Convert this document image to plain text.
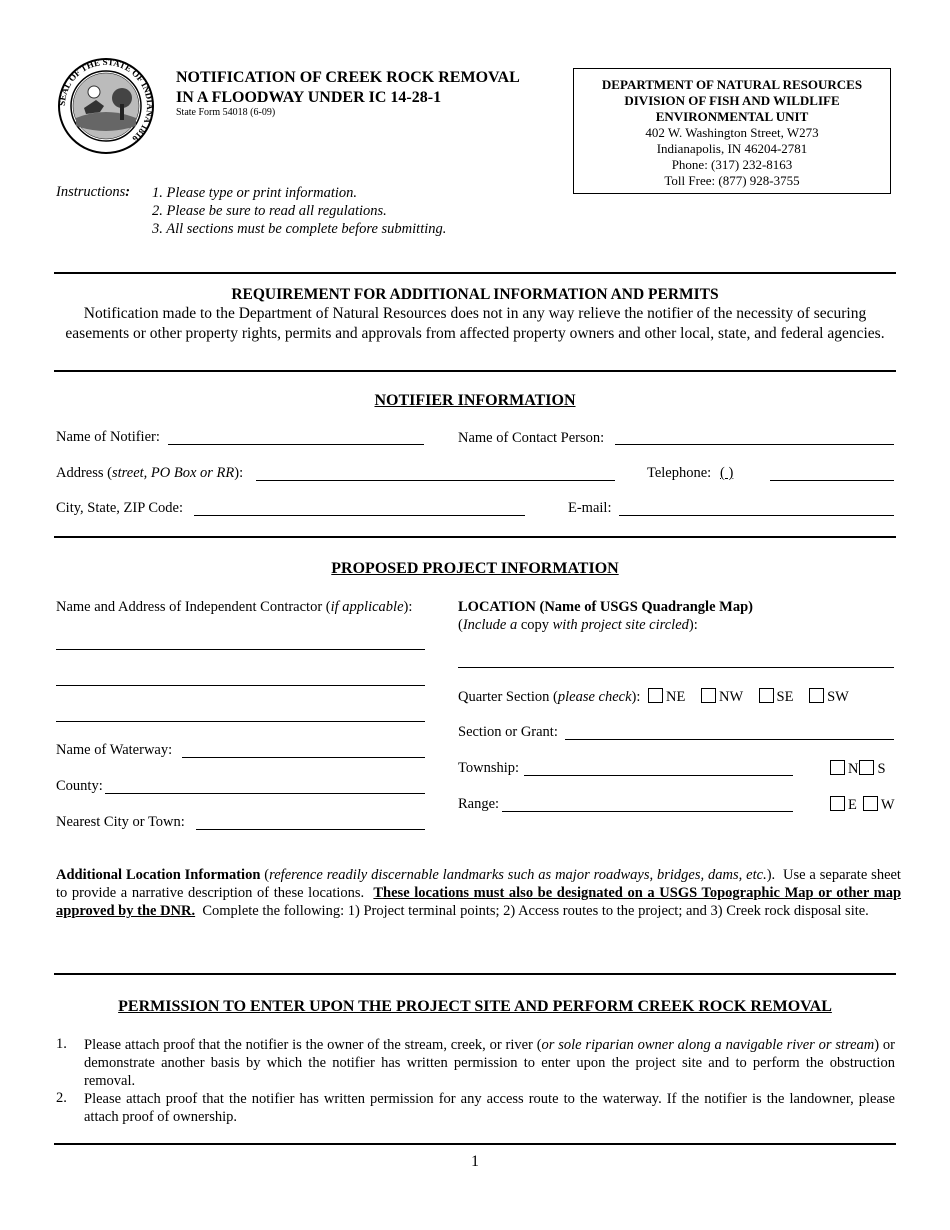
SEAL OF THE STATE OF INDIANA 1816
NOTIFICATION OF CREEK ROCK REMOVAL
IN A FLOODWAY UNDER IC 14-28-1
State Form 54018 (6-09)
DEPARTMENT OF NATURAL RESOURCES
DIVISION OF FISH AND WILDLIFE
ENVIRONMENTAL UNIT
402 W. Washington Street, W273
Indianapolis, IN 46204-2781
Phone: (317) 232-8163
Toll Free: (877) 928-3755
Instructions: 1. Please type or print information.
2. Please be sure to read all regulations.
3. All sections must be complete before submitting.
REQUIREMENT FOR ADDITIONAL INFORMATION AND PERMITS
Notification made to the Department of Natural Resources does not in any way relieve the notifier of the necessity of securing easements or other property rights, permits and approvals from affected property owners and other local, state, and federal agencies.
NOTIFIER INFORMATION
Name of Notifier:	Name of Contact Person:
Address (street, PO Box or RR):	Telephone: ( )
City, State, ZIP Code:	E-mail:
PROPOSED PROJECT INFORMATION
Name and Address of Independent Contractor (if applicable):	LOCATION (Name of USGS Quadrangle Map)
(Include a copy with project site circled):
Quarter Section (please check): NE NW SE SW
Section or Grant:
Name of Waterway:
Township:	N S
County:
Range:	E W
Nearest City or Town:
Additional Location Information (reference readily discernable landmarks such as major roadways, bridges, dams, etc.).  Use a separate sheet to provide a narrative description of these locations. These locations must also be designated on a USGS Topographic Map or other map approved by the DNR. Complete the following: 1) Project terminal points; 2) Access routes to the project; and 3) Creek rock disposal site.
PERMISSION TO ENTER UPON THE PROJECT SITE AND PERFORM CREEK ROCK REMOVAL
1. Please attach proof that the notifier is the owner of the stream, creek, or river (or sole riparian owner along a navigable river or stream) or demonstrate another basis by which the notifier has written permission to enter upon the project site and to perform the obstruction removal.
2. Please attach proof that the notifier has written permission for any access route to the waterway. If the notifier is the landowner, please attach proof of ownership.
1
